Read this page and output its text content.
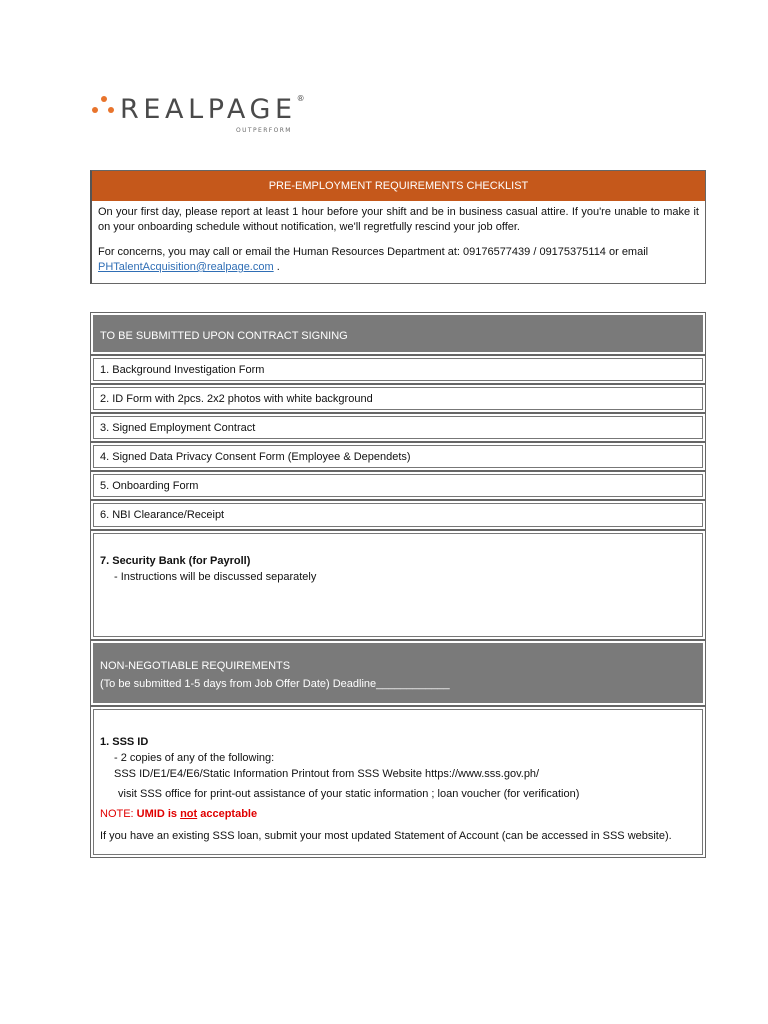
REALPAGE®
OUTPERFORM
PRE-EMPLOYMENT REQUIREMENTS CHECKLIST

On your first day, please report at least 1 hour before your shift and be in business casual attire. If you're unable to make it on your onboarding schedule without notification, we'll regretfully rescind your job offer.

For concerns, you may call or email the Human Resources Department at: 09176577439 / 09175375114 or email
PHTalentAcquisition@realpage.com .

TO BE SUBMITTED UPON CONTRACT SIGNING
1. Background Investigation Form
2. ID Form with 2pcs. 2x2 photos with white background
3. Signed Employment Contract
4. Signed Data Privacy Consent Form (Employee & Dependets)
5. Onboarding Form
6. NBI Clearance/Receipt
7. Security Bank (for Payroll)
- Instructions will be discussed separately
NON-NEGOTIABLE REQUIREMENTS
(To be submitted 1-5 days from Job Offer Date) Deadline____________
1. SSS ID
- 2 copies of any of the following:
SSS ID/E1/E4/E6/Static Information Printout from SSS Website https://www.sss.gov.ph/
visit SSS office for print-out assistance of your static information ; loan voucher (for verification)
NOTE: UMID is not acceptable
If you have an existing SSS loan, submit your most updated Statement of Account (can be accessed in SSS website).
